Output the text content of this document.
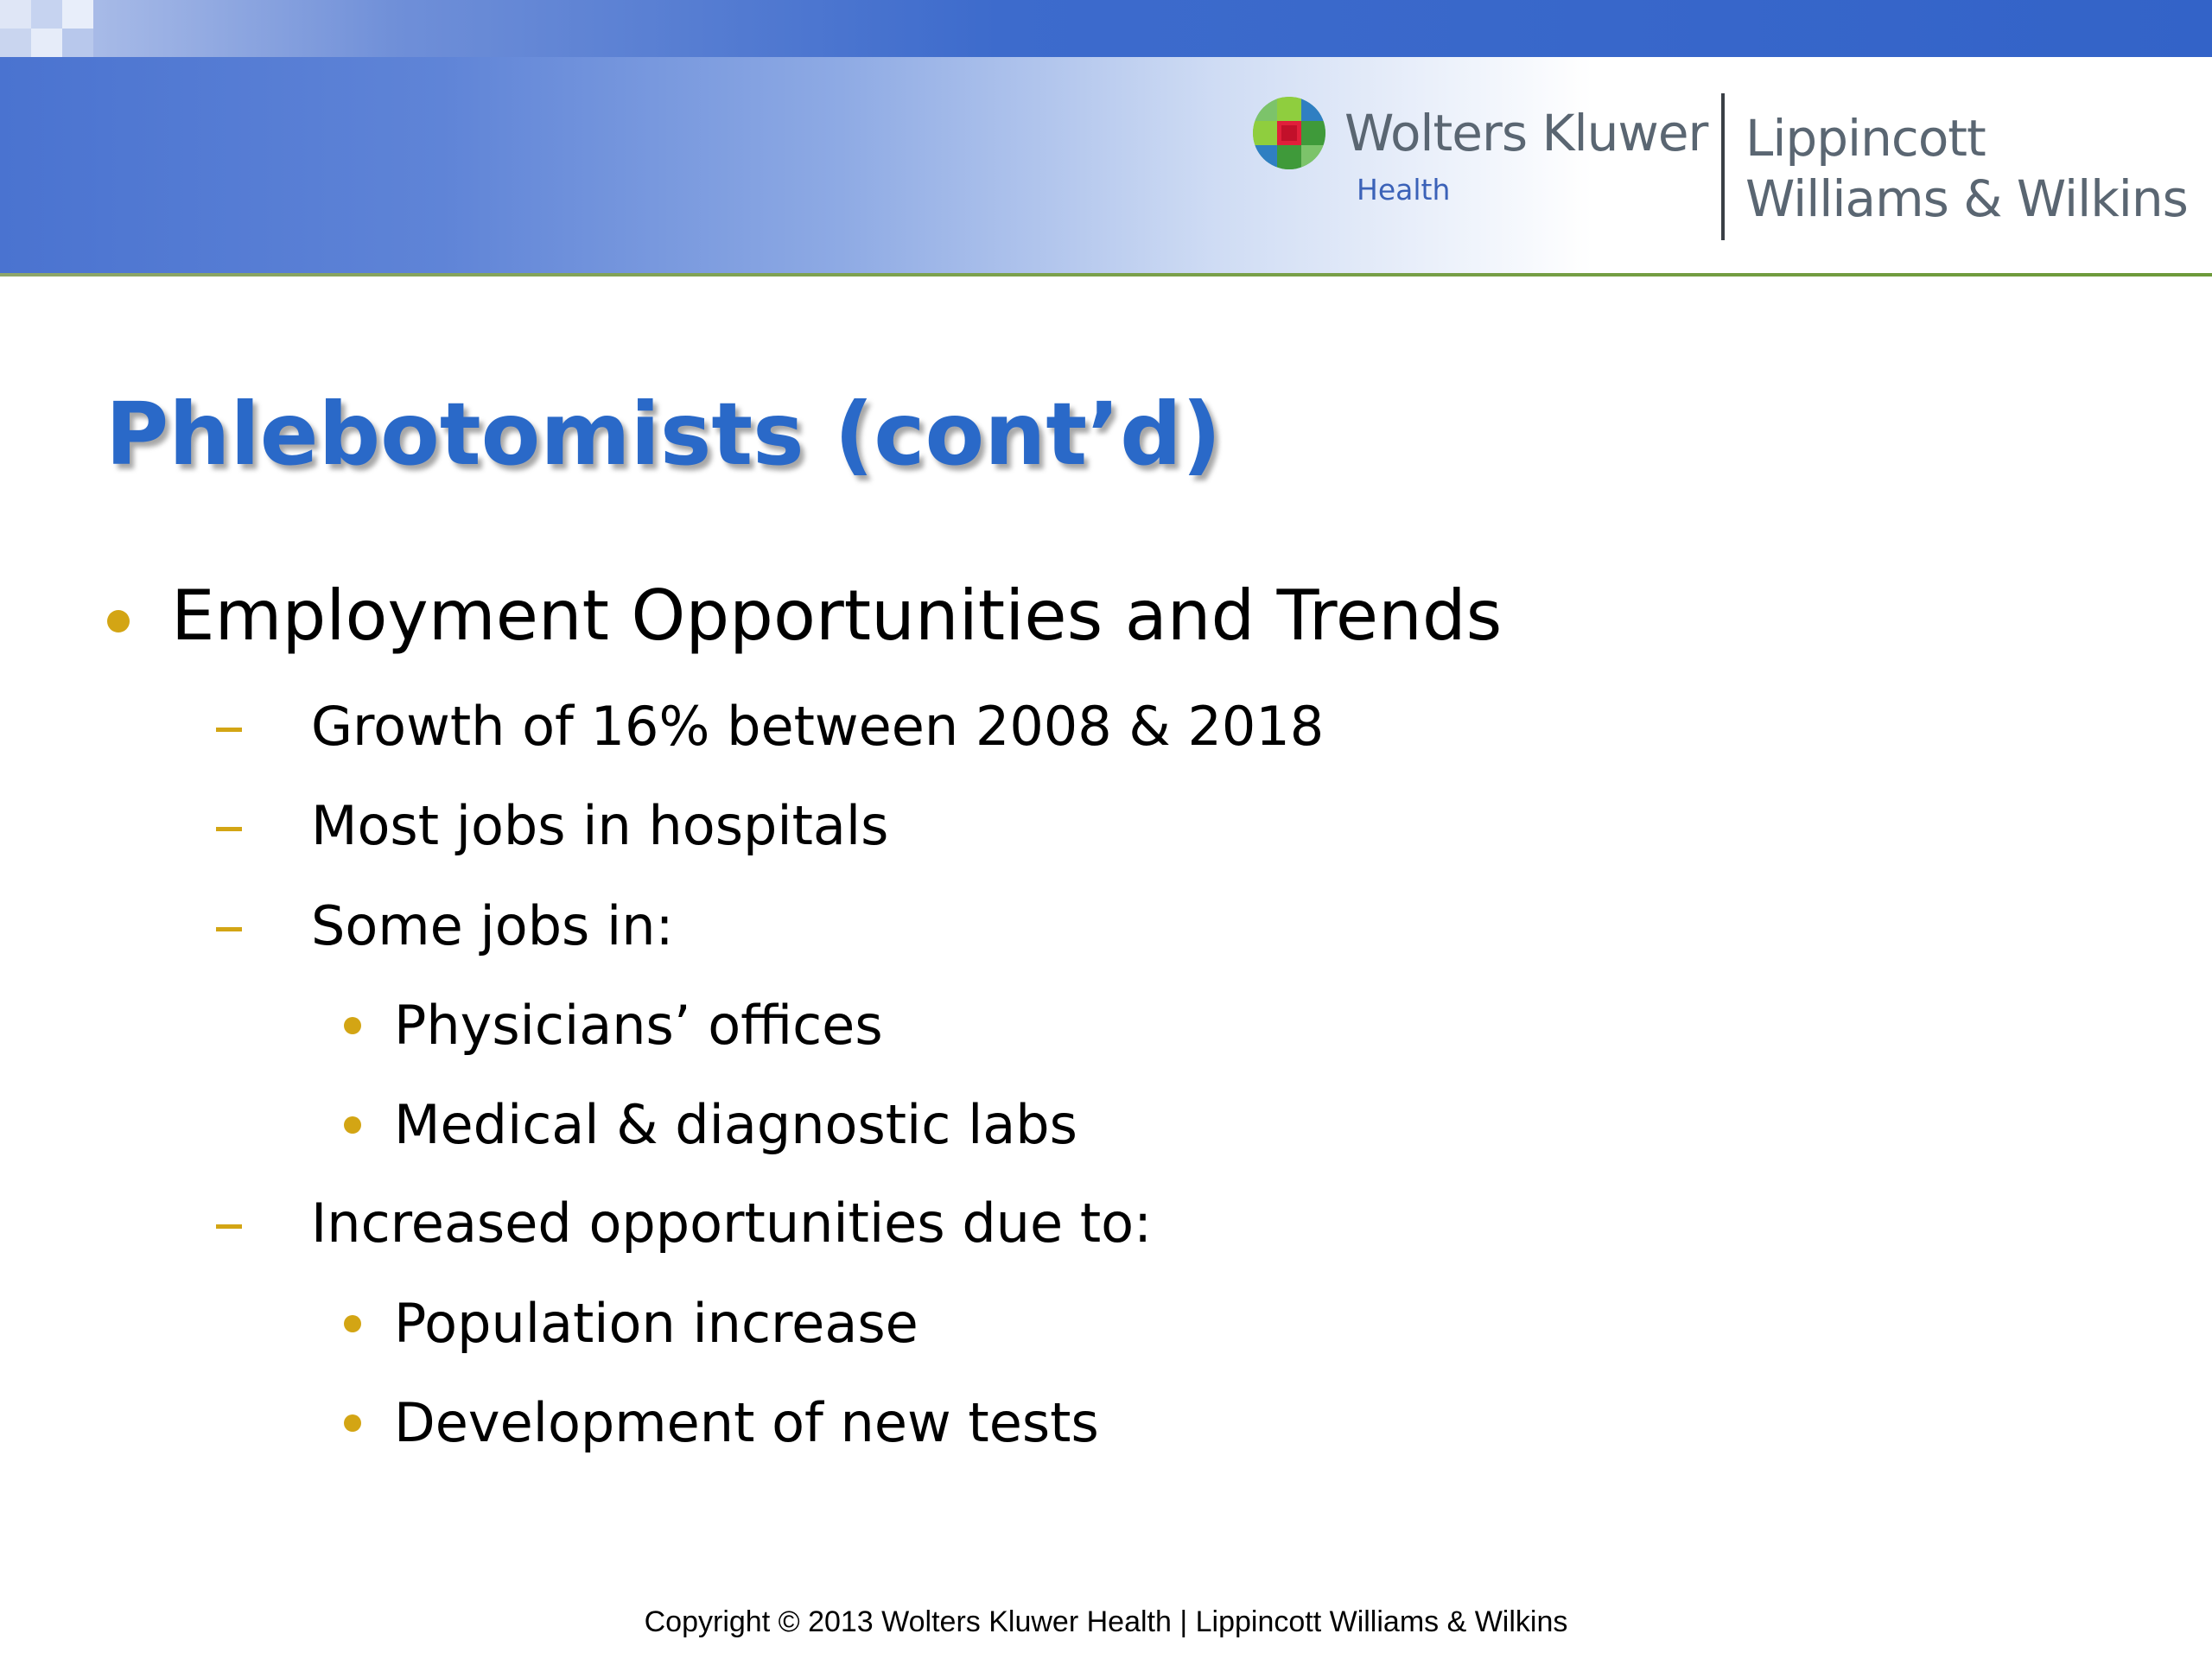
Wolters Kluwer
Health
Lippincott
Williams & Wilkins
Phlebotomists (cont’d)
Employment Opportunities and Trends
Growth of 16% between 2008 & 2018
Most jobs in hospitals
Some jobs in:
Physicians’ offices
Medical & diagnostic labs
Increased opportunities due to:
Population increase
Development of new tests
Copyright © 2013 Wolters Kluwer Health | Lippincott Williams & Wilkins
